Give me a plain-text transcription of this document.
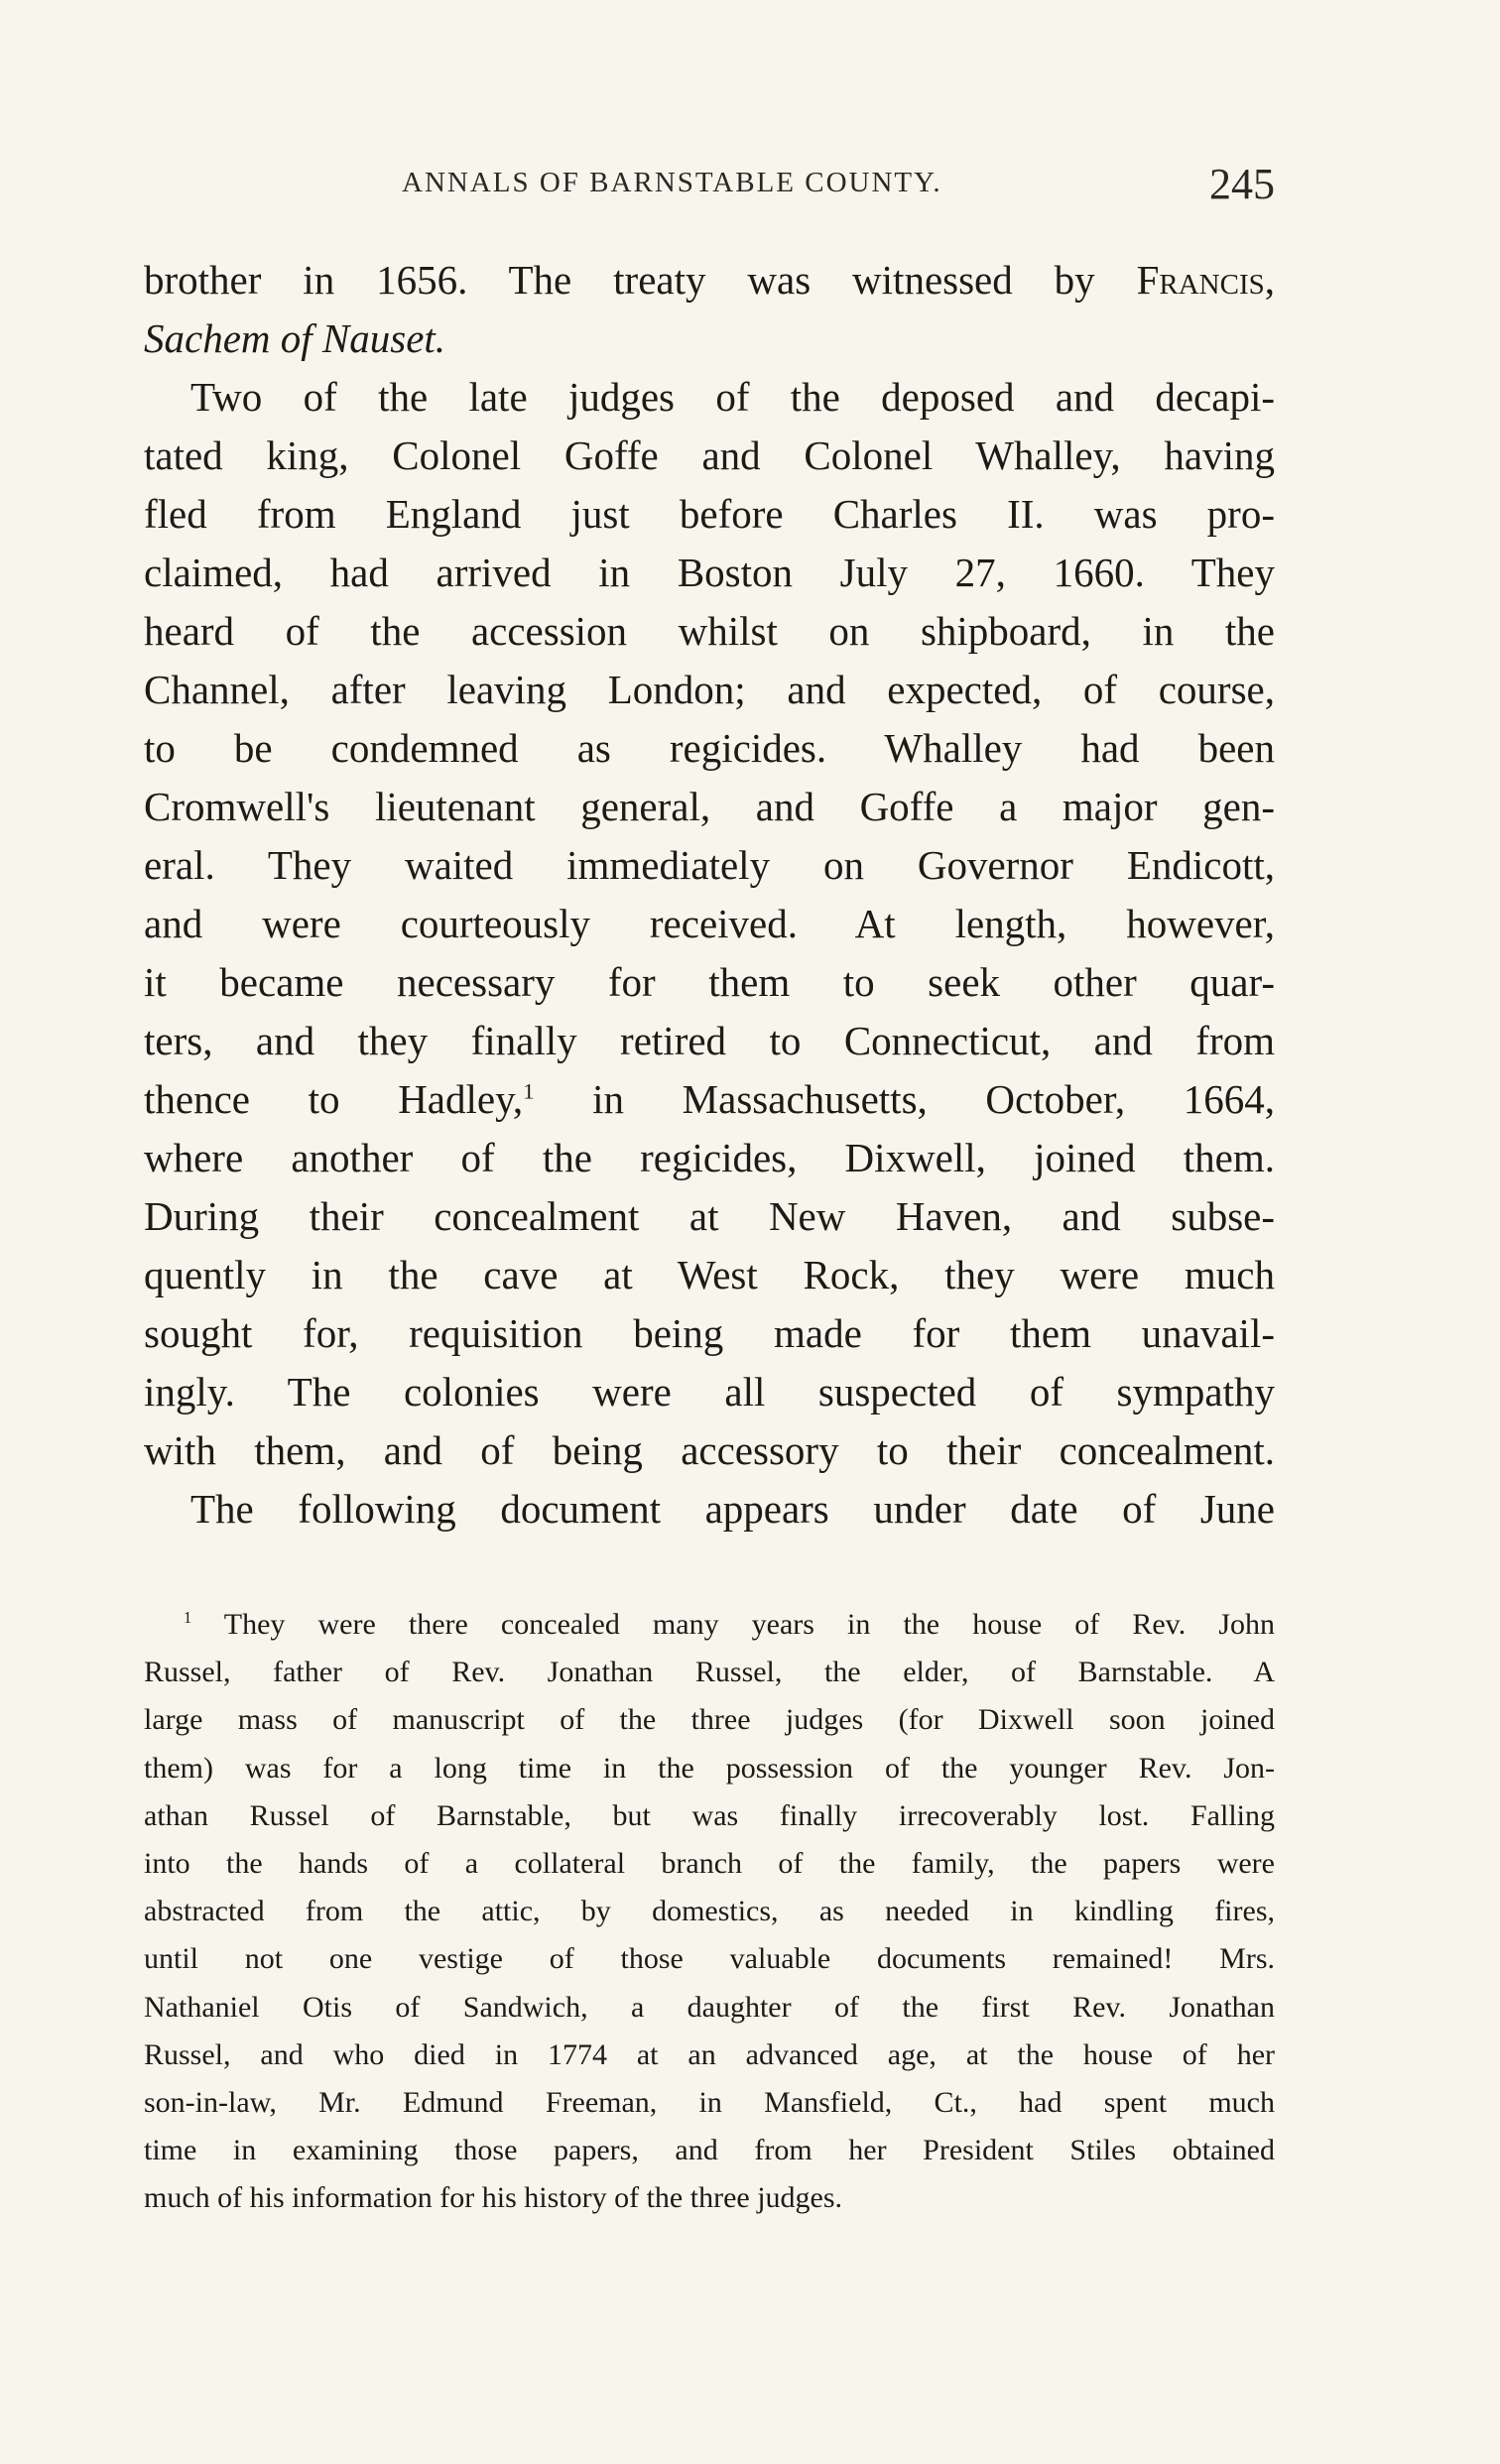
ANNALS OF BARNSTABLE COUNTY.	245
brother in 1656. The treaty was witnessed by Francis,
Sachem of Nauset.
Two of the late judges of the deposed and decapi-
tated king, Colonel Goffe and Colonel Whalley, having
fled from England just before Charles II. was pro-
claimed, had arrived in Boston July 27, 1660. They
heard of the accession whilst on shipboard, in the
Channel, after leaving London; and expected, of course,
to be condemned as regicides. Whalley had been
Cromwell's lieutenant general, and Goffe a major gen-
eral. They waited immediately on Governor Endicott,
and were courteously received. At length, however,
it became necessary for them to seek other quar-
ters, and they finally retired to Connecticut, and from
thence to Hadley,$^1$ in Massachusetts, October, 1664,
where another of the regicides, Dixwell, joined them.
During their concealment at New Haven, and subse-
quently in the cave at West Rock, they were much
sought for, requisition being made for them unavail-
ingly. The colonies were all suspected of sympathy
with them, and of being accessory to their concealment.
The following document appears under date of June
$^1$ They were there concealed many years in the house of Rev. John
Russel, father of Rev. Jonathan Russel, the elder, of Barnstable. A
large mass of manuscript of the three judges (for Dixwell soon joined
them) was for a long time in the possession of the younger Rev. Jon-
athan Russel of Barnstable, but was finally irrecoverably lost. Falling
into the hands of a collateral branch of the family, the papers were
abstracted from the attic, by domestics, as needed in kindling fires,
until not one vestige of those valuable documents remained! Mrs.
Nathaniel Otis of Sandwich, a daughter of the first Rev. Jonathan
Russel, and who died in 1774 at an advanced age, at the house of her
son-in-law, Mr. Edmund Freeman, in Mansfield, Ct., had spent much
time in examining those papers, and from her President Stiles obtained
much of his information for his history of the three judges.
